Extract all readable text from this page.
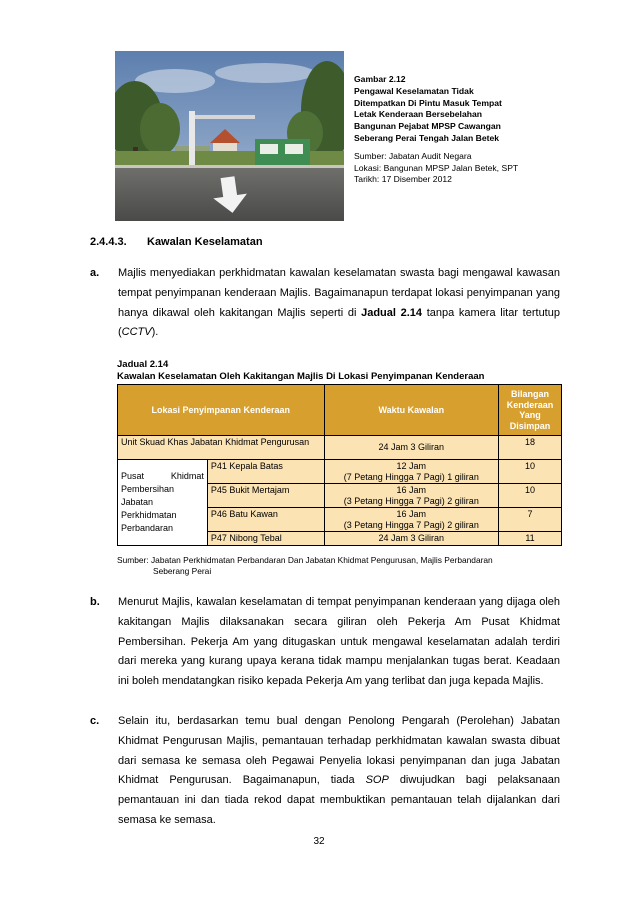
Gambar 2.12
Pengawal Keselamatan Tidak
Ditempatkan Di Pintu Masuk Tempat
Letak Kenderaan Bersebelahan
Bangunan Pejabat MPSP Cawangan
Seberang Perai Tengah Jalan Betek
Sumber: Jabatan Audit Negara
Lokasi: Bangunan MPSP Jalan Betek, SPT
Tarikh: 17 Disember 2012
2.4.4.3. Kawalan Keselamatan
a. Majlis menyediakan perkhidmatan kawalan keselamatan swasta bagi mengawal kawasan tempat penyimpanan kenderaan Majlis. Bagaimanapun terdapat lokasi penyimpanan yang hanya dikawal oleh kakitangan Majlis seperti di Jadual 2.14 tanpa kamera litar tertutup (CCTV).
Jadual 2.14
Kawalan Keselamatan Oleh Kakitangan Majlis Di Lokasi Penyimpanan Kenderaan
Lokasi Penyimpanan Kenderaan		Waktu Kawalan	Bilangan Kenderaan Yang Disimpan
Unit Skuad Khas Jabatan Khidmat Pengurusan		24 Jam 3 Giliran	18
Pusat Khidmat Pembersihan Jabatan Perkhidmatan Perbandaran	P41 Kepala Batas	12 Jam
(7 Petang Hingga 7 Pagi) 1 giliran	10
	P45 Bukit Mertajam	16 Jam
(3 Petang Hingga 7 Pagi) 2 giliran	10
	P46 Batu Kawan	16 Jam
(3 Petang Hingga 7 Pagi) 2 giliran	7
	P47 Nibong Tebal	24 Jam 3 Giliran	11
Sumber: Jabatan Perkhidmatan Perbandaran Dan Jabatan Khidmat Pengurusan, Majlis Perbandaran
Seberang Perai
b. Menurut Majlis, kawalan keselamatan di tempat penyimpanan kenderaan yang dijaga oleh kakitangan Majlis dilaksanakan secara giliran oleh Pekerja Am Pusat Khidmat Pembersihan. Pekerja Am yang ditugaskan untuk mengawal keselamatan adalah terdiri dari mereka yang kurang upaya kerana tidak mampu menjalankan tugas berat. Keadaan ini boleh mendatangkan risiko kepada Pekerja Am yang terlibat dan juga kepada Majlis.
c. Selain itu, berdasarkan temu bual dengan Penolong Pengarah (Perolehan) Jabatan Khidmat Pengurusan Majlis, pemantauan terhadap perkhidmatan kawalan swasta dibuat dari semasa ke semasa oleh Pegawai Penyelia lokasi penyimpanan dan juga Jabatan Khidmat Pengurusan. Bagaimanapun, tiada SOP diwujudkan bagi pelaksanaan pemantauan ini dan tiada rekod dapat membuktikan pemantauan telah dijalankan dari semasa ke semasa.
32
